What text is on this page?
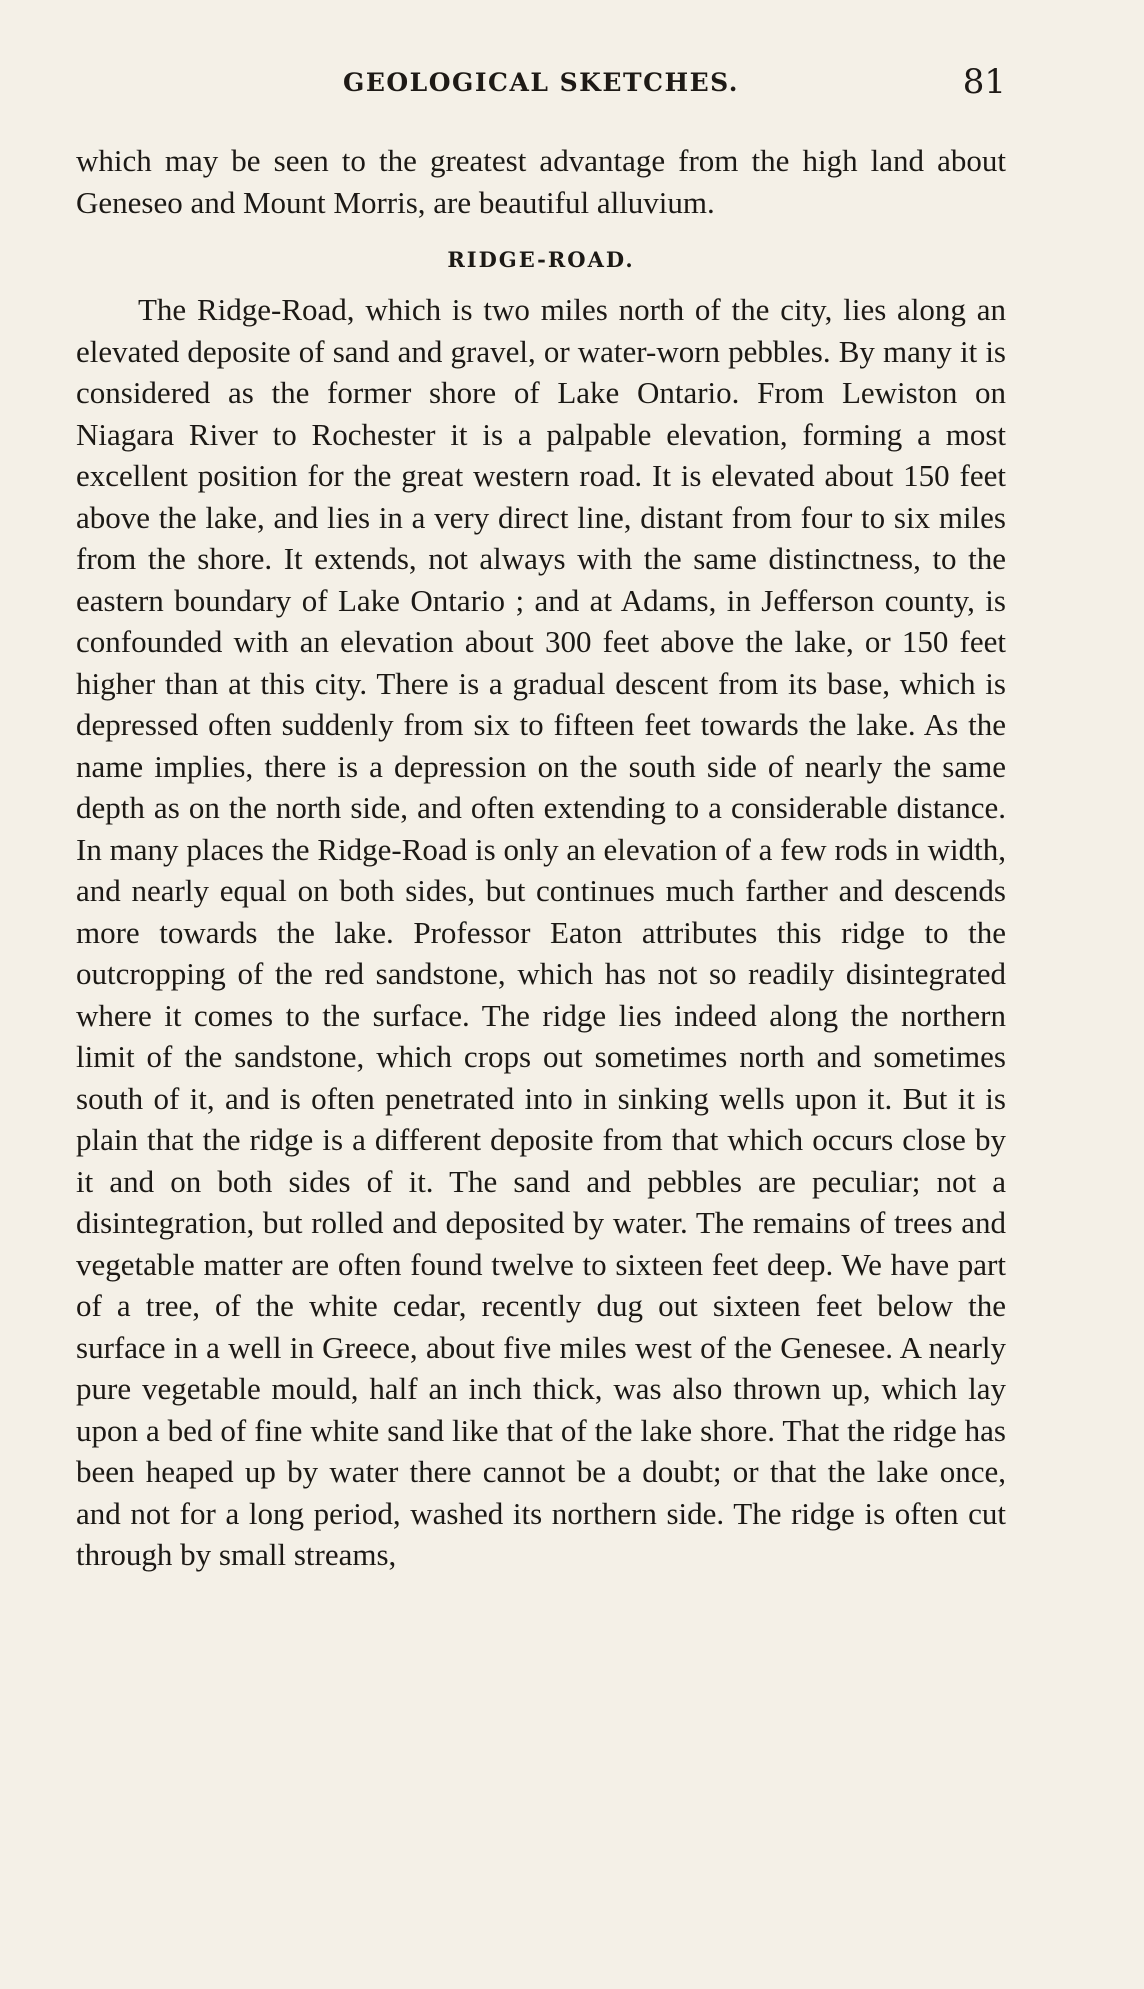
GEOLOGICAL SKETCHES.	81

which may be seen to the greatest advantage from the high land about Geneseo and Mount Morris, are beautiful alluvium.

RIDGE-ROAD.

The Ridge-Road, which is two miles north of the city, lies along an elevated deposite of sand and gravel, or water-worn pebbles. By many it is considered as the former shore of Lake Ontario. From Lewiston on Niagara River to Rochester it is a palpable elevation, forming a most excellent position for the great western road. It is elevated about 150 feet above the lake, and lies in a very direct line, distant from four to six miles from the shore. It extends, not always with the same distinctness, to the eastern boundary of Lake Ontario ; and at Adams, in Jefferson county, is confounded with an elevation about 300 feet above the lake, or 150 feet higher than at this city. There is a gradual descent from its base, which is depressed often suddenly from six to fifteen feet towards the lake. As the name implies, there is a depression on the south side of nearly the same depth as on the north side, and often extending to a considerable distance. In many places the Ridge-Road is only an elevation of a few rods in width, and nearly equal on both sides, but continues much farther and descends more towards the lake. Professor Eaton attributes this ridge to the outcropping of the red sandstone, which has not so readily disintegrated where it comes to the surface. The ridge lies indeed along the northern limit of the sandstone, which crops out sometimes north and sometimes south of it, and is often penetrated into in sinking wells upon it. But it is plain that the ridge is a different deposite from that which occurs close by it and on both sides of it. The sand and pebbles are peculiar; not a disintegration, but rolled and deposited by water. The remains of trees and vegetable matter are often found twelve to sixteen feet deep. We have part of a tree, of the white cedar, recently dug out sixteen feet below the surface in a well in Greece, about five miles west of the Genesee. A nearly pure vegetable mould, half an inch thick, was also thrown up, which lay upon a bed of fine white sand like that of the lake shore. That the ridge has been heaped up by water there cannot be a doubt; or that the lake once, and not for a long period, washed its northern side. The ridge is often cut through by small streams,
